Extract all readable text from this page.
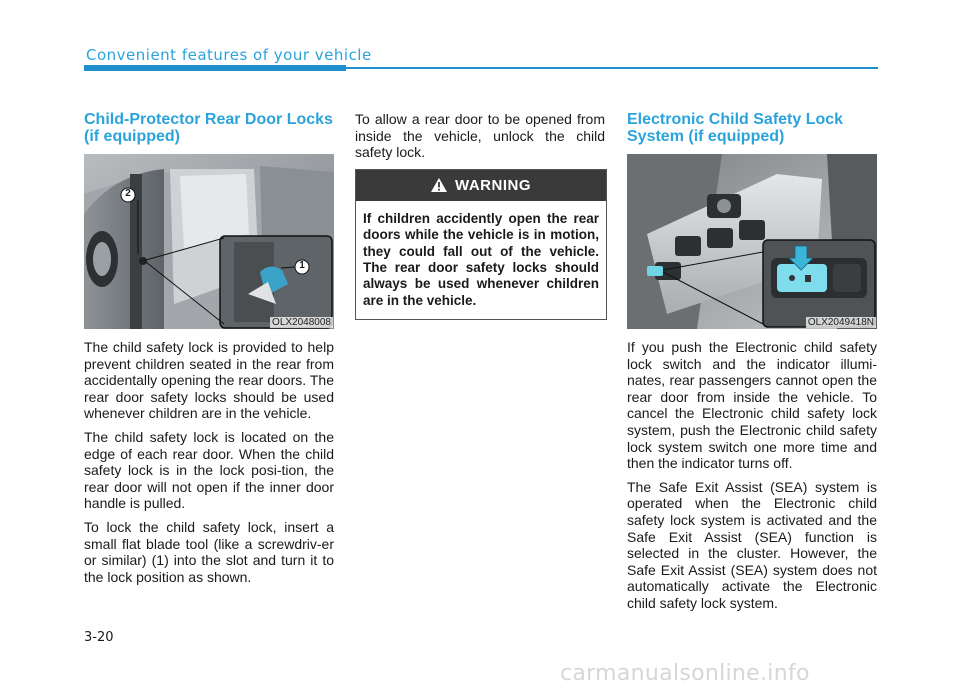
Convenient features of your vehicle
Child-Protector Rear Door Locks (if equipped)
1
2
OLX2048008

The child safety lock is provided to help prevent children seated in the rear from accidentally opening the rear doors. The rear door safety locks should be used whenever children are in the vehicle.

The child safety lock is located on the edge of each rear door. When the child safety lock is in the lock posi-tion, the rear door will not open if the inner door handle is pulled.

To lock the child safety lock, insert a small flat blade tool (like a screwdriv-er or similar) (1) into the slot and turn it to the lock position as shown.

To allow a rear door to be opened from inside the vehicle, unlock the child safety lock.

WARNING
If children accidently open the rear doors while the vehicle is in motion, they could fall out of the vehicle. The rear door safety locks should always be used whenever children are in the vehicle.
Electronic Child Safety Lock System (if equipped)
OLX2049418N

If you push the Electronic child safety lock switch and the indicator illumi-nates, rear passengers cannot open the rear door from inside the vehicle. To cancel the Electronic child safety lock system, push the Electronic child safety lock system switch one more time and then the indicator turns off.

The Safe Exit Assist (SEA) system is operated when the Electronic child safety lock system is activated and the Safe Exit Assist (SEA) function is selected in the cluster. However, the Safe Exit Assist (SEA) system does not automatically activate the Electronic child safety lock system.

3-20
carmanualsonline.info
